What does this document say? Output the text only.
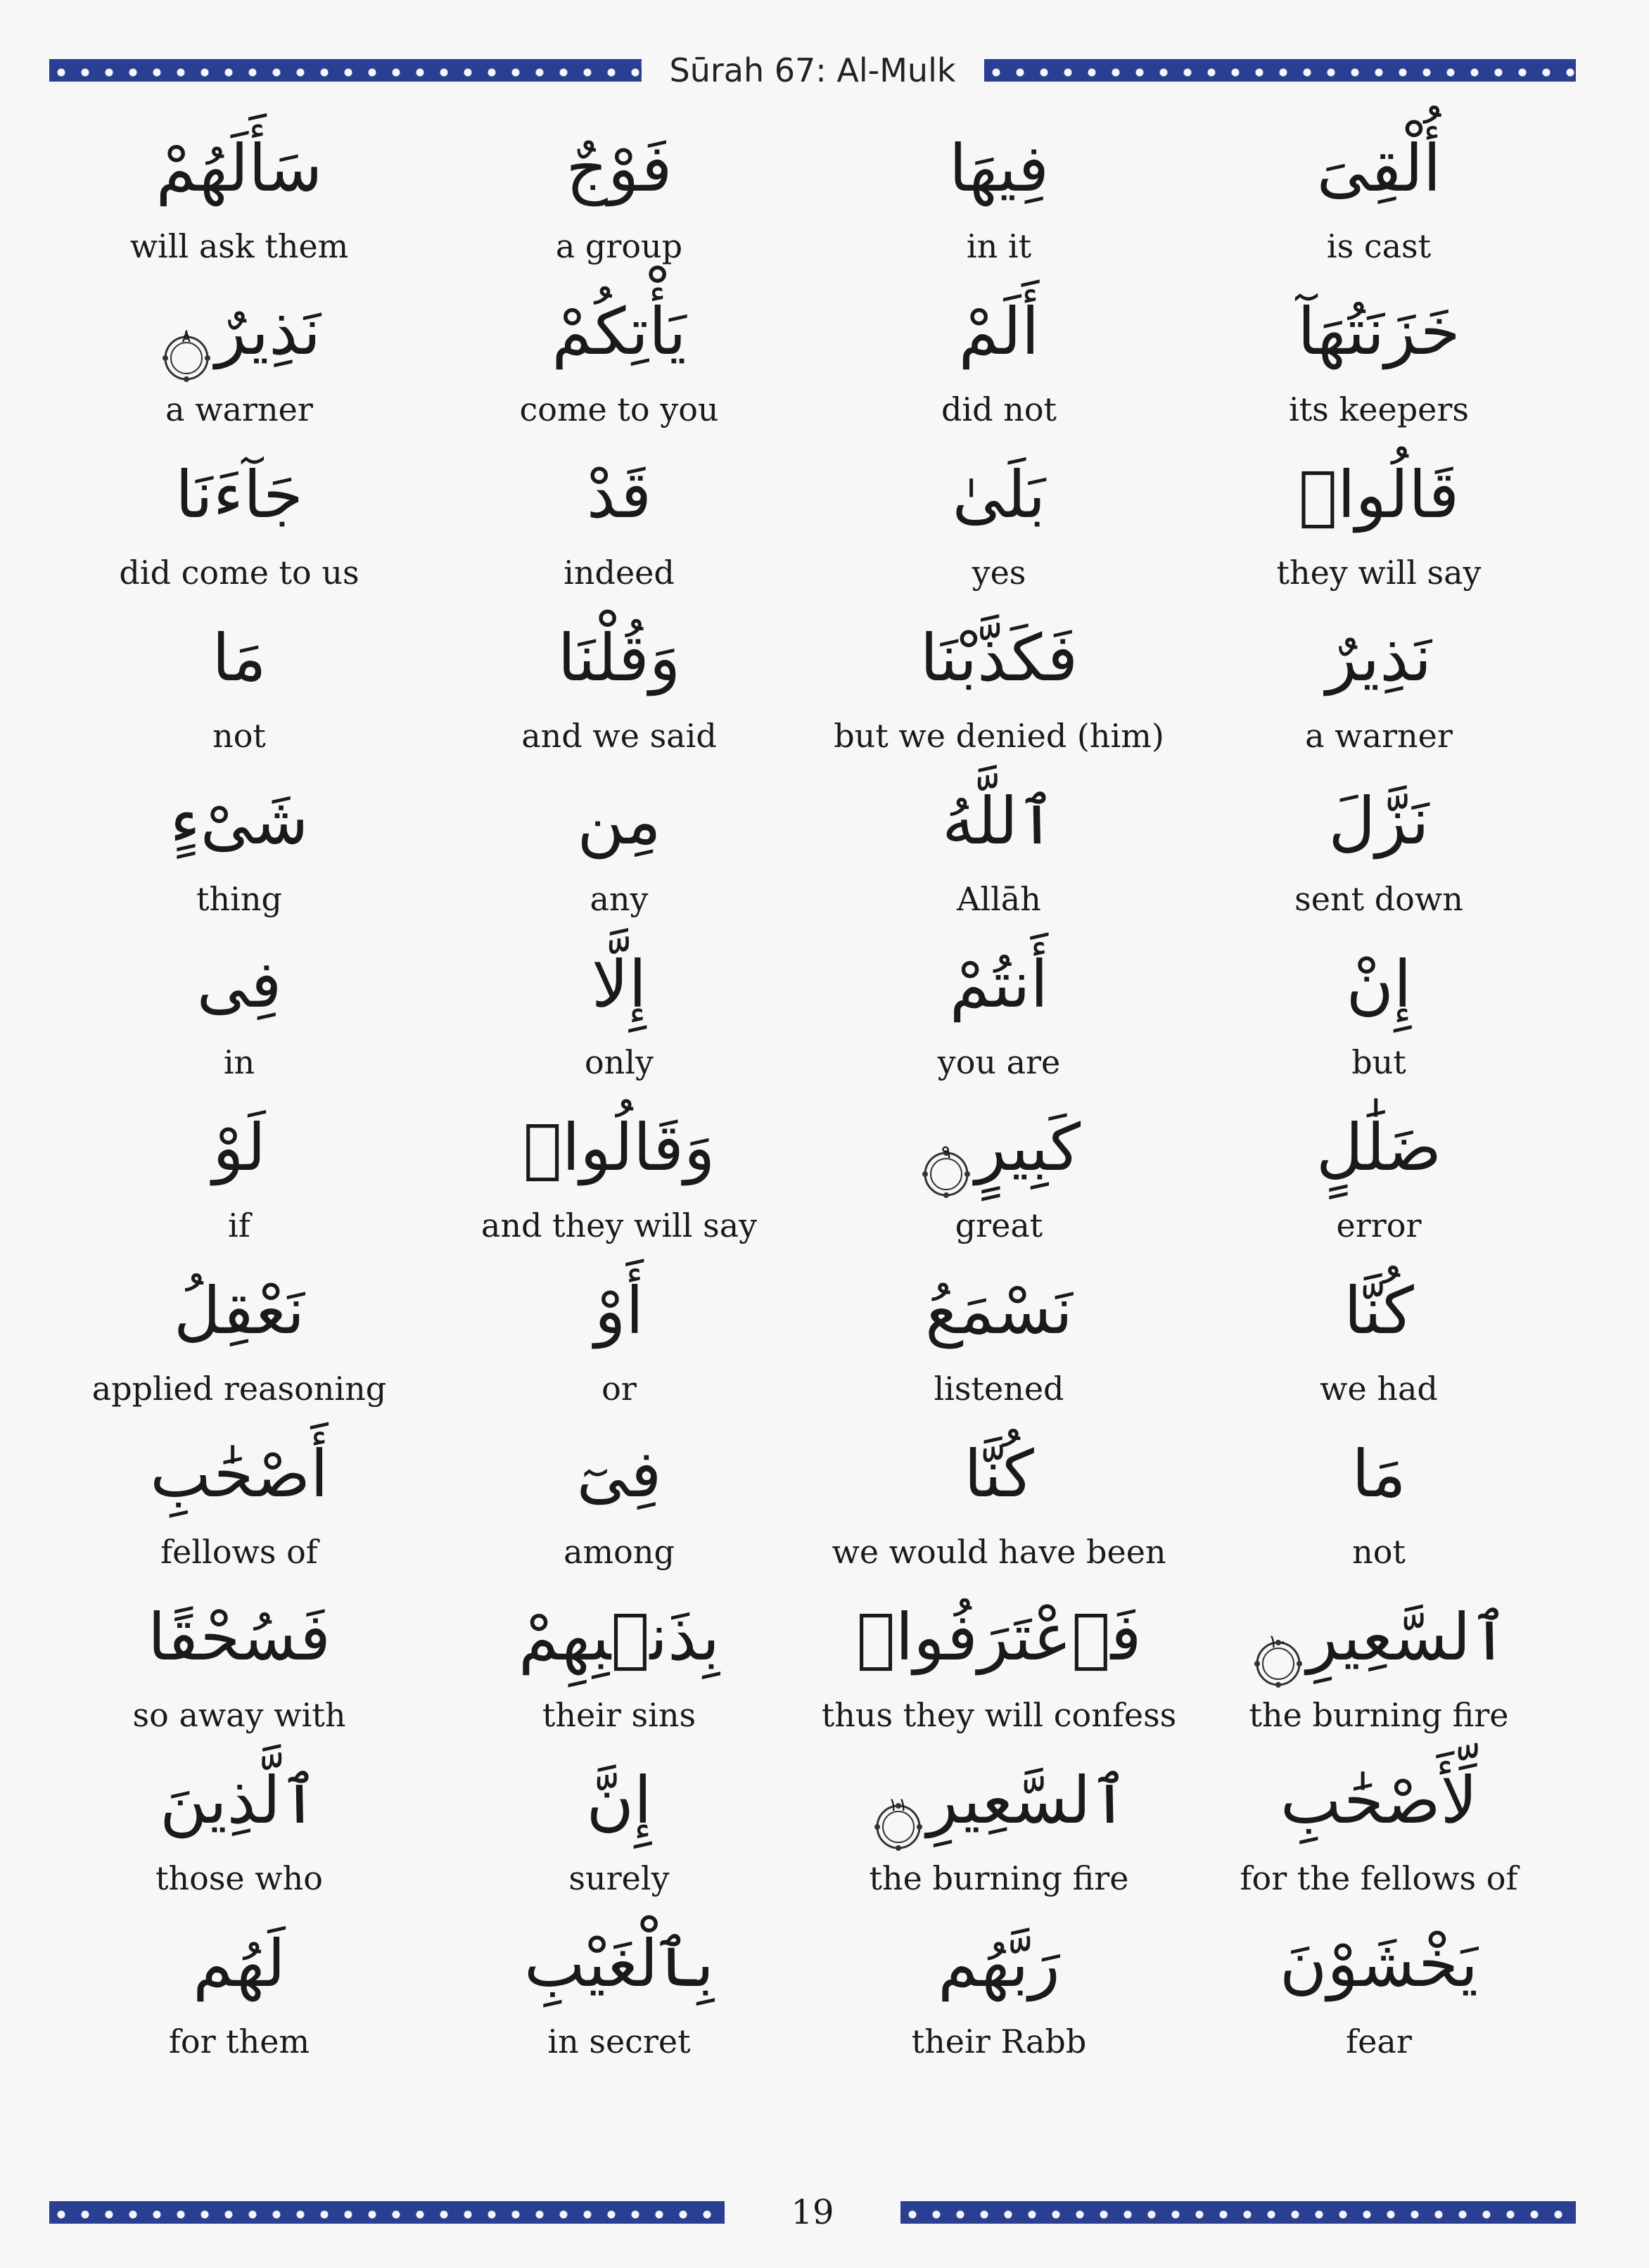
Sūrah 67: Al-Mulk
سَأَلَهُمْ
will ask them
فَوْجٌ
a group
فِيهَا
in it
أُلْقِىَ
is cast
نَذِيرٌ
٨
a warner
يَأْتِكُمْ
come to you
أَلَمْ
did not
خَزَنَتُهَآ
its keepers
جَآءَنَا
did come to us
قَدْ
indeed
بَلَىٰ
yes
قَالُوا۟
they will say
مَا
not
وَقُلْنَا
and we said
فَكَذَّبْنَا
but we denied (him)
نَذِيرٌ
a warner
شَىْءٍ
thing
مِن
any
ٱللَّهُ
Allāh
نَزَّلَ
sent down
فِى
in
إِلَّا
only
أَنتُمْ
you are
إِنْ
but
لَوْ
if
وَقَالُوا۟
and they will say
كَبِيرٍ
٩
great
ضَلَٰلٍ
error
نَعْقِلُ
applied reasoning
أَوْ
or
نَسْمَعُ
listened
كُنَّا
we had
أَصْحَٰبِ
fellows of
فِىٓ
among
كُنَّا
we would have been
مَا
not
فَسُحْقًا
so away with
بِذَنۢبِهِمْ
their sins
فَٱعْتَرَفُوا۟
thus they will confess
ٱلسَّعِيرِ
١٠
the burning fire
ٱلَّذِينَ
those who
إِنَّ
surely
ٱلسَّعِيرِ
١١
the burning fire
لِّأَصْحَٰبِ
for the fellows of
لَهُم
for them
بِٱلْغَيْبِ
in secret
رَبَّهُم
their Rabb
يَخْشَوْنَ
fear
19
